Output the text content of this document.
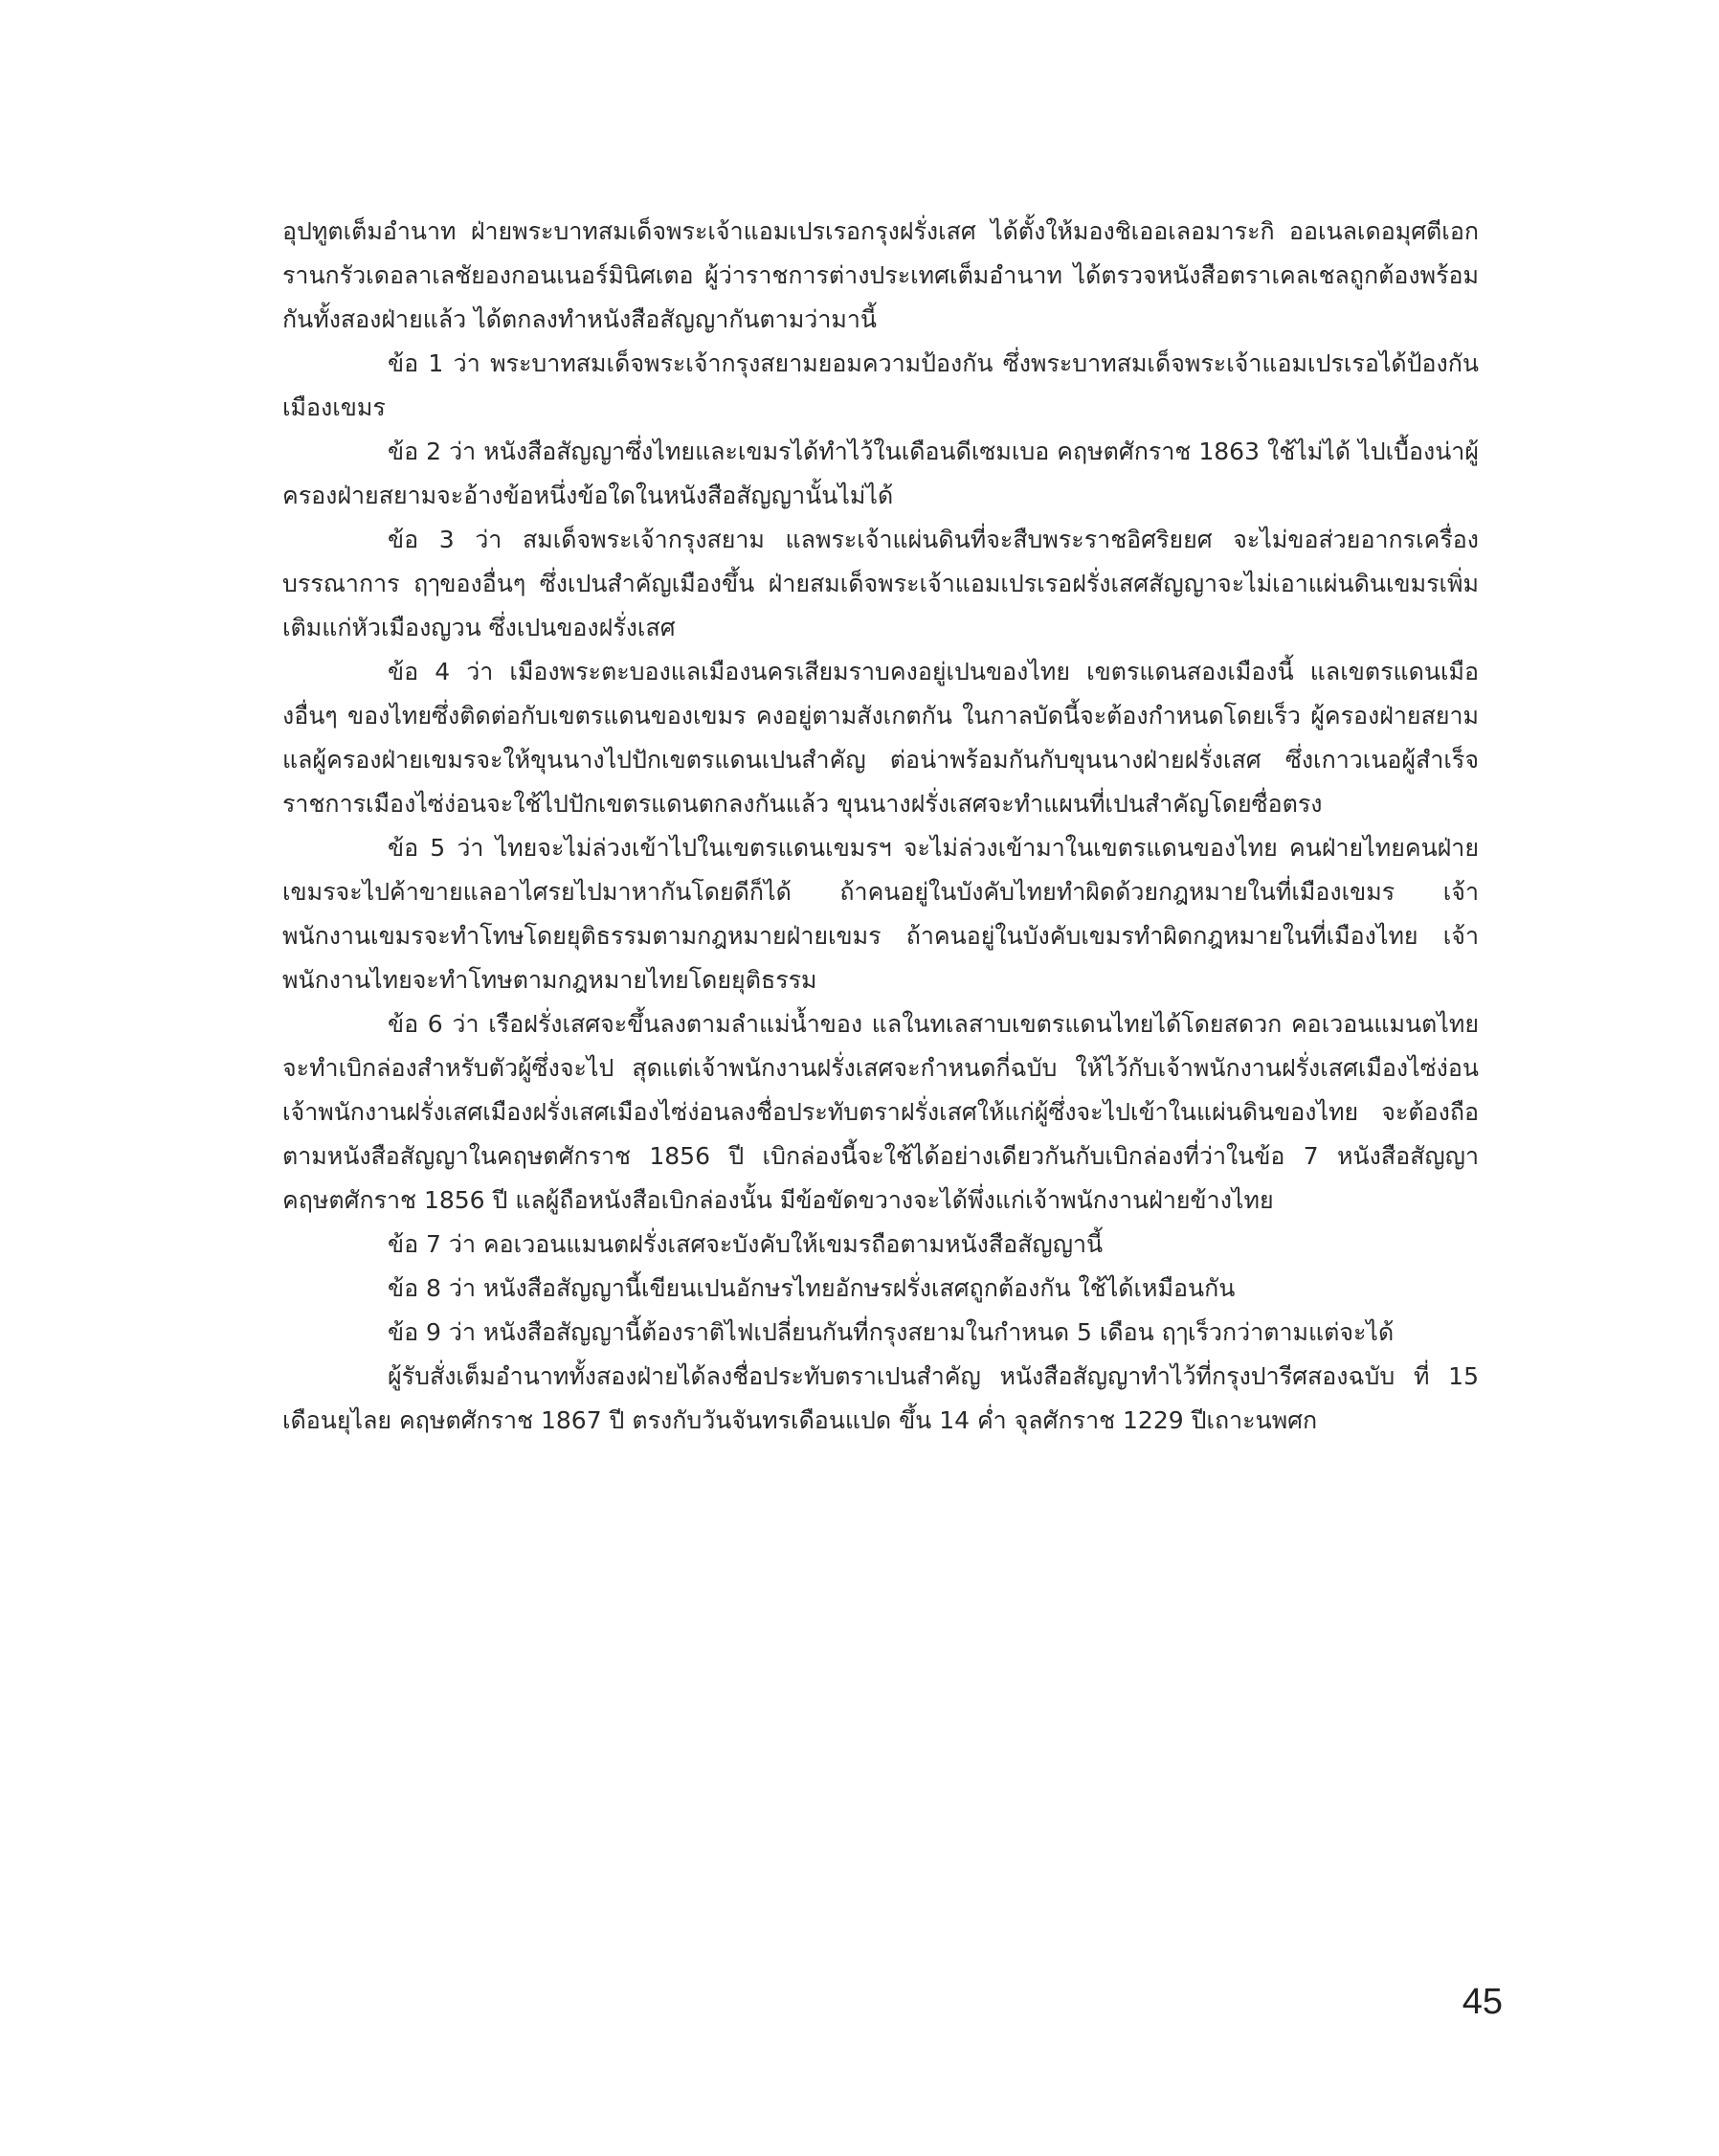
อุปทูตเต็มอำนาท ฝ่ายพระบาทสมเด็จพระเจ้าแอมเปรเรอกรุงฝรั่งเสศ ได้ตั้งให้มองชิเออเลอมาระกิ ออเนลเดอมุศตีเอกรานกรัวเดอลาเลชัยองกอนเนอร์มินิศเตอ ผู้ว่าราชการต่างประเทศเต็มอำนาท ได้ตรวจหนังสือตราเคลเชลถูกต้องพร้อมกันทั้งสองฝ่ายแล้ว ได้ตกลงทำหนังสือสัญญากันตามว่ามานี้

ข้อ 1 ว่า พระบาทสมเด็จพระเจ้ากรุงสยามยอมความป้องกัน ซึ่งพระบาทสมเด็จพระเจ้าแอมเปรเรอได้ป้องกันเมืองเขมร

ข้อ 2 ว่า หนังสือสัญญาซึ่งไทยและเขมรได้ทำไว้ในเดือนดีเซมเบอ คฤษตศักราช 1863 ใช้ไม่ได้ ไปเบื้องน่าผู้ครองฝ่ายสยามจะอ้างข้อหนึ่งข้อใดในหนังสือสัญญานั้นไม่ได้

ข้อ 3 ว่า สมเด็จพระเจ้ากรุงสยาม แลพระเจ้าแผ่นดินที่จะสืบพระราชอิศริยยศ จะไม่ขอส่วยอากรเครื่องบรรณาการ ฤๅของอื่นๆ ซึ่งเปนสำคัญเมืองขึ้น ฝ่ายสมเด็จพระเจ้าแอมเปรเรอฝรั่งเสศสัญญาจะไม่เอาแผ่นดินเขมรเพิ่มเติมแก่หัวเมืองญวน ซึ่งเปนของฝรั่งเสศ

ข้อ 4 ว่า เมืองพระตะบองแลเมืองนครเสียมราบคงอยู่เปนของไทย เขตรแดนสองเมืองนี้ แลเขตรแดนเมืองอื่นๆ ของไทยซึ่งติดต่อกับเขตรแดนของเขมร คงอยู่ตามสังเกตกัน ในกาลบัดนี้จะต้องกำหนดโดยเร็ว ผู้ครองฝ่ายสยามแลผู้ครองฝ่ายเขมรจะให้ขุนนางไปปักเขตรแดนเปนสำคัญ ต่อน่าพร้อมกันกับขุนนางฝ่ายฝรั่งเสศ ซึ่งเกาวเนอผู้สำเร็จราชการเมืองไซ่ง่อนจะใช้ไปปักเขตรแดนตกลงกันแล้ว ขุนนางฝรั่งเสศจะทำแผนที่เปนสำคัญโดยซื่อตรง

ข้อ 5 ว่า ไทยจะไม่ล่วงเข้าไปในเขตรแดนเขมรฯ จะไม่ล่วงเข้ามาในเขตรแดนของไทย คนฝ่ายไทยคนฝ่ายเขมรจะไปค้าขายแลอาไศรยไปมาหากันโดยดีก็ได้ ถ้าคนอยู่ในบังคับไทยทำผิดด้วยกฎหมายในที่เมืองเขมร เจ้าพนักงานเขมรจะทำโทษโดยยุติธรรมตามกฎหมายฝ่ายเขมร ถ้าคนอยู่ในบังคับเขมรทำผิดกฎหมายในที่เมืองไทย เจ้าพนักงานไทยจะทำโทษตามกฎหมายไทยโดยยุติธรรม

ข้อ 6 ว่า เรือฝรั่งเสศจะขึ้นลงตามลำแม่น้ำของ แลในทเลสาบเขตรแดนไทยได้โดยสดวก คอเวอนแมนตไทยจะทำเบิกล่องสำหรับตัวผู้ซึ่งจะไป สุดแต่เจ้าพนักงานฝรั่งเสศจะกำหนดกี่ฉบับ ให้ไว้กับเจ้าพนักงานฝรั่งเสศเมืองไซ่ง่อน เจ้าพนักงานฝรั่งเสศเมืองฝรั่งเสศเมืองไซ่ง่อนลงชื่อประทับตราฝรั่งเสศให้แก่ผู้ซึ่งจะไปเข้าในแผ่นดินของไทย จะต้องถือตามหนังสือสัญญาในคฤษตศักราช 1856 ปี เบิกล่องนี้จะใช้ได้อย่างเดียวกันกับเบิกล่องที่ว่าในข้อ 7 หนังสือสัญญาคฤษตศักราช 1856 ปี แลผู้ถือหนังสือเบิกล่องนั้น มีข้อขัดขวางจะได้พึ่งแก่เจ้าพนักงานฝ่ายข้างไทย

ข้อ 7 ว่า คอเวอนแมนตฝรั่งเสศจะบังคับให้เขมรถือตามหนังสือสัญญานี้

ข้อ 8 ว่า หนังสือสัญญานี้เขียนเปนอักษรไทยอักษรฝรั่งเสศถูกต้องกัน ใช้ได้เหมือนกัน

ข้อ 9 ว่า หนังสือสัญญานี้ต้องราติไฟเปลี่ยนกันที่กรุงสยามในกำหนด 5 เดือน ฤๅเร็วกว่าตามแต่จะได้

ผู้รับสั่งเต็มอำนาททั้งสองฝ่ายได้ลงชื่อประทับตราเปนสำคัญ หนังสือสัญญาทำไว้ที่กรุงปารีศสองฉบับ ที่ 15 เดือนยุไลย คฤษตศักราช 1867 ปี ตรงกับวันจันทรเดือนแปด ขึ้น 14 ค่ำ จุลศักราช 1229 ปีเถาะนพศก

45
